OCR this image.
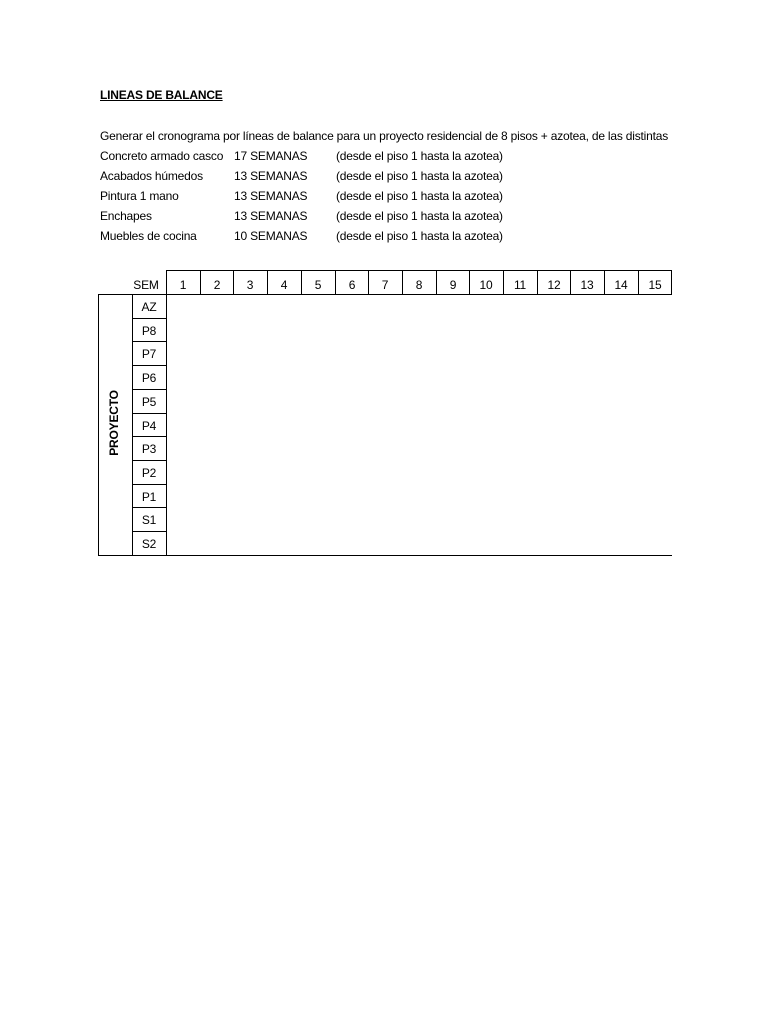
LINEAS DE BALANCE
Generar el cronograma por líneas de balance para un proyecto residencial de 8 pisos + azotea, de las distintas
Concreto armado casco 17 SEMANAS (desde el piso 1 hasta la azotea)
Acabados húmedos	13 SEMANAS (desde el piso 1 hasta la azotea)
Pintura 1 mano	13 SEMANAS (desde el piso 1 hasta la azotea)
Enchapes	13 SEMANAS (desde el piso 1 hasta la azotea)
Muebles de cocina	10 SEMANAS (desde el piso 1 hasta la azotea)
SEM
PROYECTO
1	2	3	4	5	6	7	8	9	10	11	12	13	14	15
AZ
P8
P7
P6
P5
P4
P3
P2
P1
S1
S2
